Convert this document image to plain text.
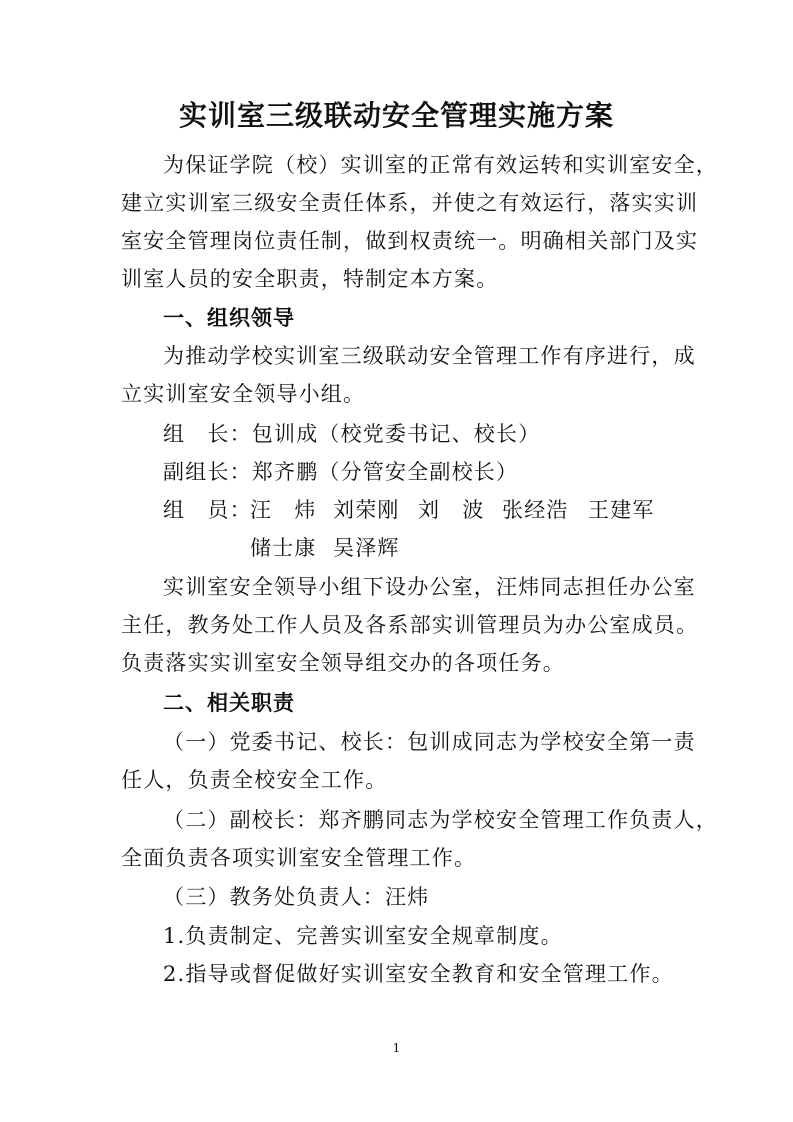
实训室三级联动安全管理实施方案
为保证学院（校）实训室的正常有效运转和实训室安全，
建立实训室三级安全责任体系，并使之有效运行，落实实训
室安全管理岗位责任制，做到权责统一。明确相关部门及实
训室人员的安全职责，特制定本方案。
一、组织领导
为推动学校实训室三级联动安全管理工作有序进行，成
立实训室安全领导小组。
组　长：包训成（校党委书记、校长）
副组长：郑齐鹏（分管安全副校长）
组　员：
汪　炜 刘荣刚 刘　波 张经浩 王建军
储士康 吴泽辉
实训室安全领导小组下设办公室，汪炜同志担任办公室
主任，教务处工作人员及各系部实训管理员为办公室成员。
负责落实实训室安全领导组交办的各项任务。
二、相关职责
（一）党委书记、校长：包训成同志为学校安全第一责
任人，负责全校安全工作。
（二）副校长：郑齐鹏同志为学校安全管理工作负责人，
全面负责各项实训室安全管理工作。
（三）教务处负责人：汪炜
1.负责制定、完善实训室安全规章制度。
2.指导或督促做好实训室安全教育和安全管理工作。
1
